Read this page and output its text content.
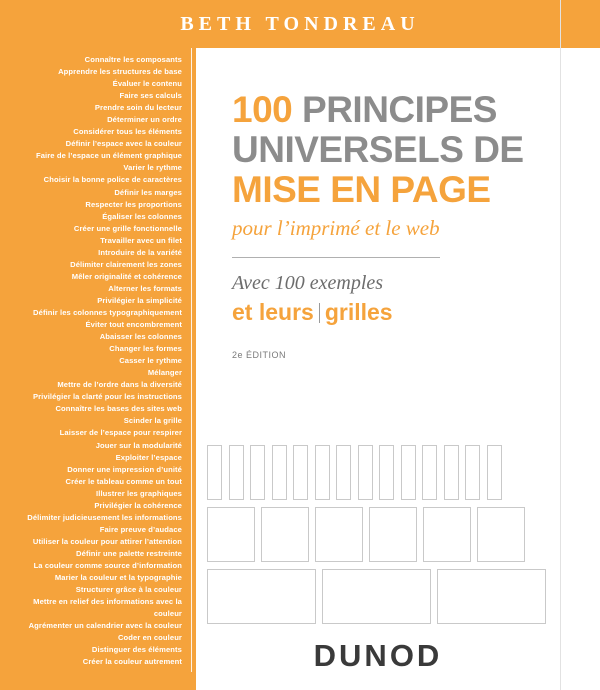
BETH TONDREAU
Connaître les composants
Apprendre les structures de base
Évaluer le contenu
Faire ses calculs
Prendre soin du lecteur
Déterminer un ordre
Considérer tous les éléments
Définir l’espace avec la couleur
Faire de l’espace un élément graphique
Varier le rythme
Choisir la bonne police de caractères
Définir les marges
Respecter les proportions
Égaliser les colonnes
Créer une grille fonctionnelle
Travailler avec un filet
Introduire de la variété
Délimiter clairement les zones
Mêler originalité et cohérence
Alterner les formats
Privilégier la simplicité
Définir les colonnes typographiquement
Éviter tout encombrement
Abaisser les colonnes
Changer les formes
Casser le rythme
Mélanger
Mettre de l’ordre dans la diversité
Privilégier la clarté pour les instructions
Connaître les bases des sites web
Scinder la grille
Laisser de l’espace pour respirer
Jouer sur la modularité
Exploiter l’espace
Donner une impression d’unité
Créer le tableau comme un tout
Illustrer les graphiques
Privilégier la cohérence
Délimiter judicieusement les informations
Faire preuve d’audace
Utiliser la couleur pour attirer l’attention
Définir une palette restreinte
La couleur comme source d’information
Marier la couleur et la typographie
Structurer grâce à la couleur
Mettre en relief des informations avec la couleur
Agrémenter un calendrier avec la couleur
Coder en couleur
Distinguer des éléments
Créer la couleur autrement
100 PRINCIPES
UNIVERSELS DE
MISE EN PAGE
pour l’imprimé et le web
Avec 100 exemples
et leurs grilles
2e ÉDITION
DUNOD
